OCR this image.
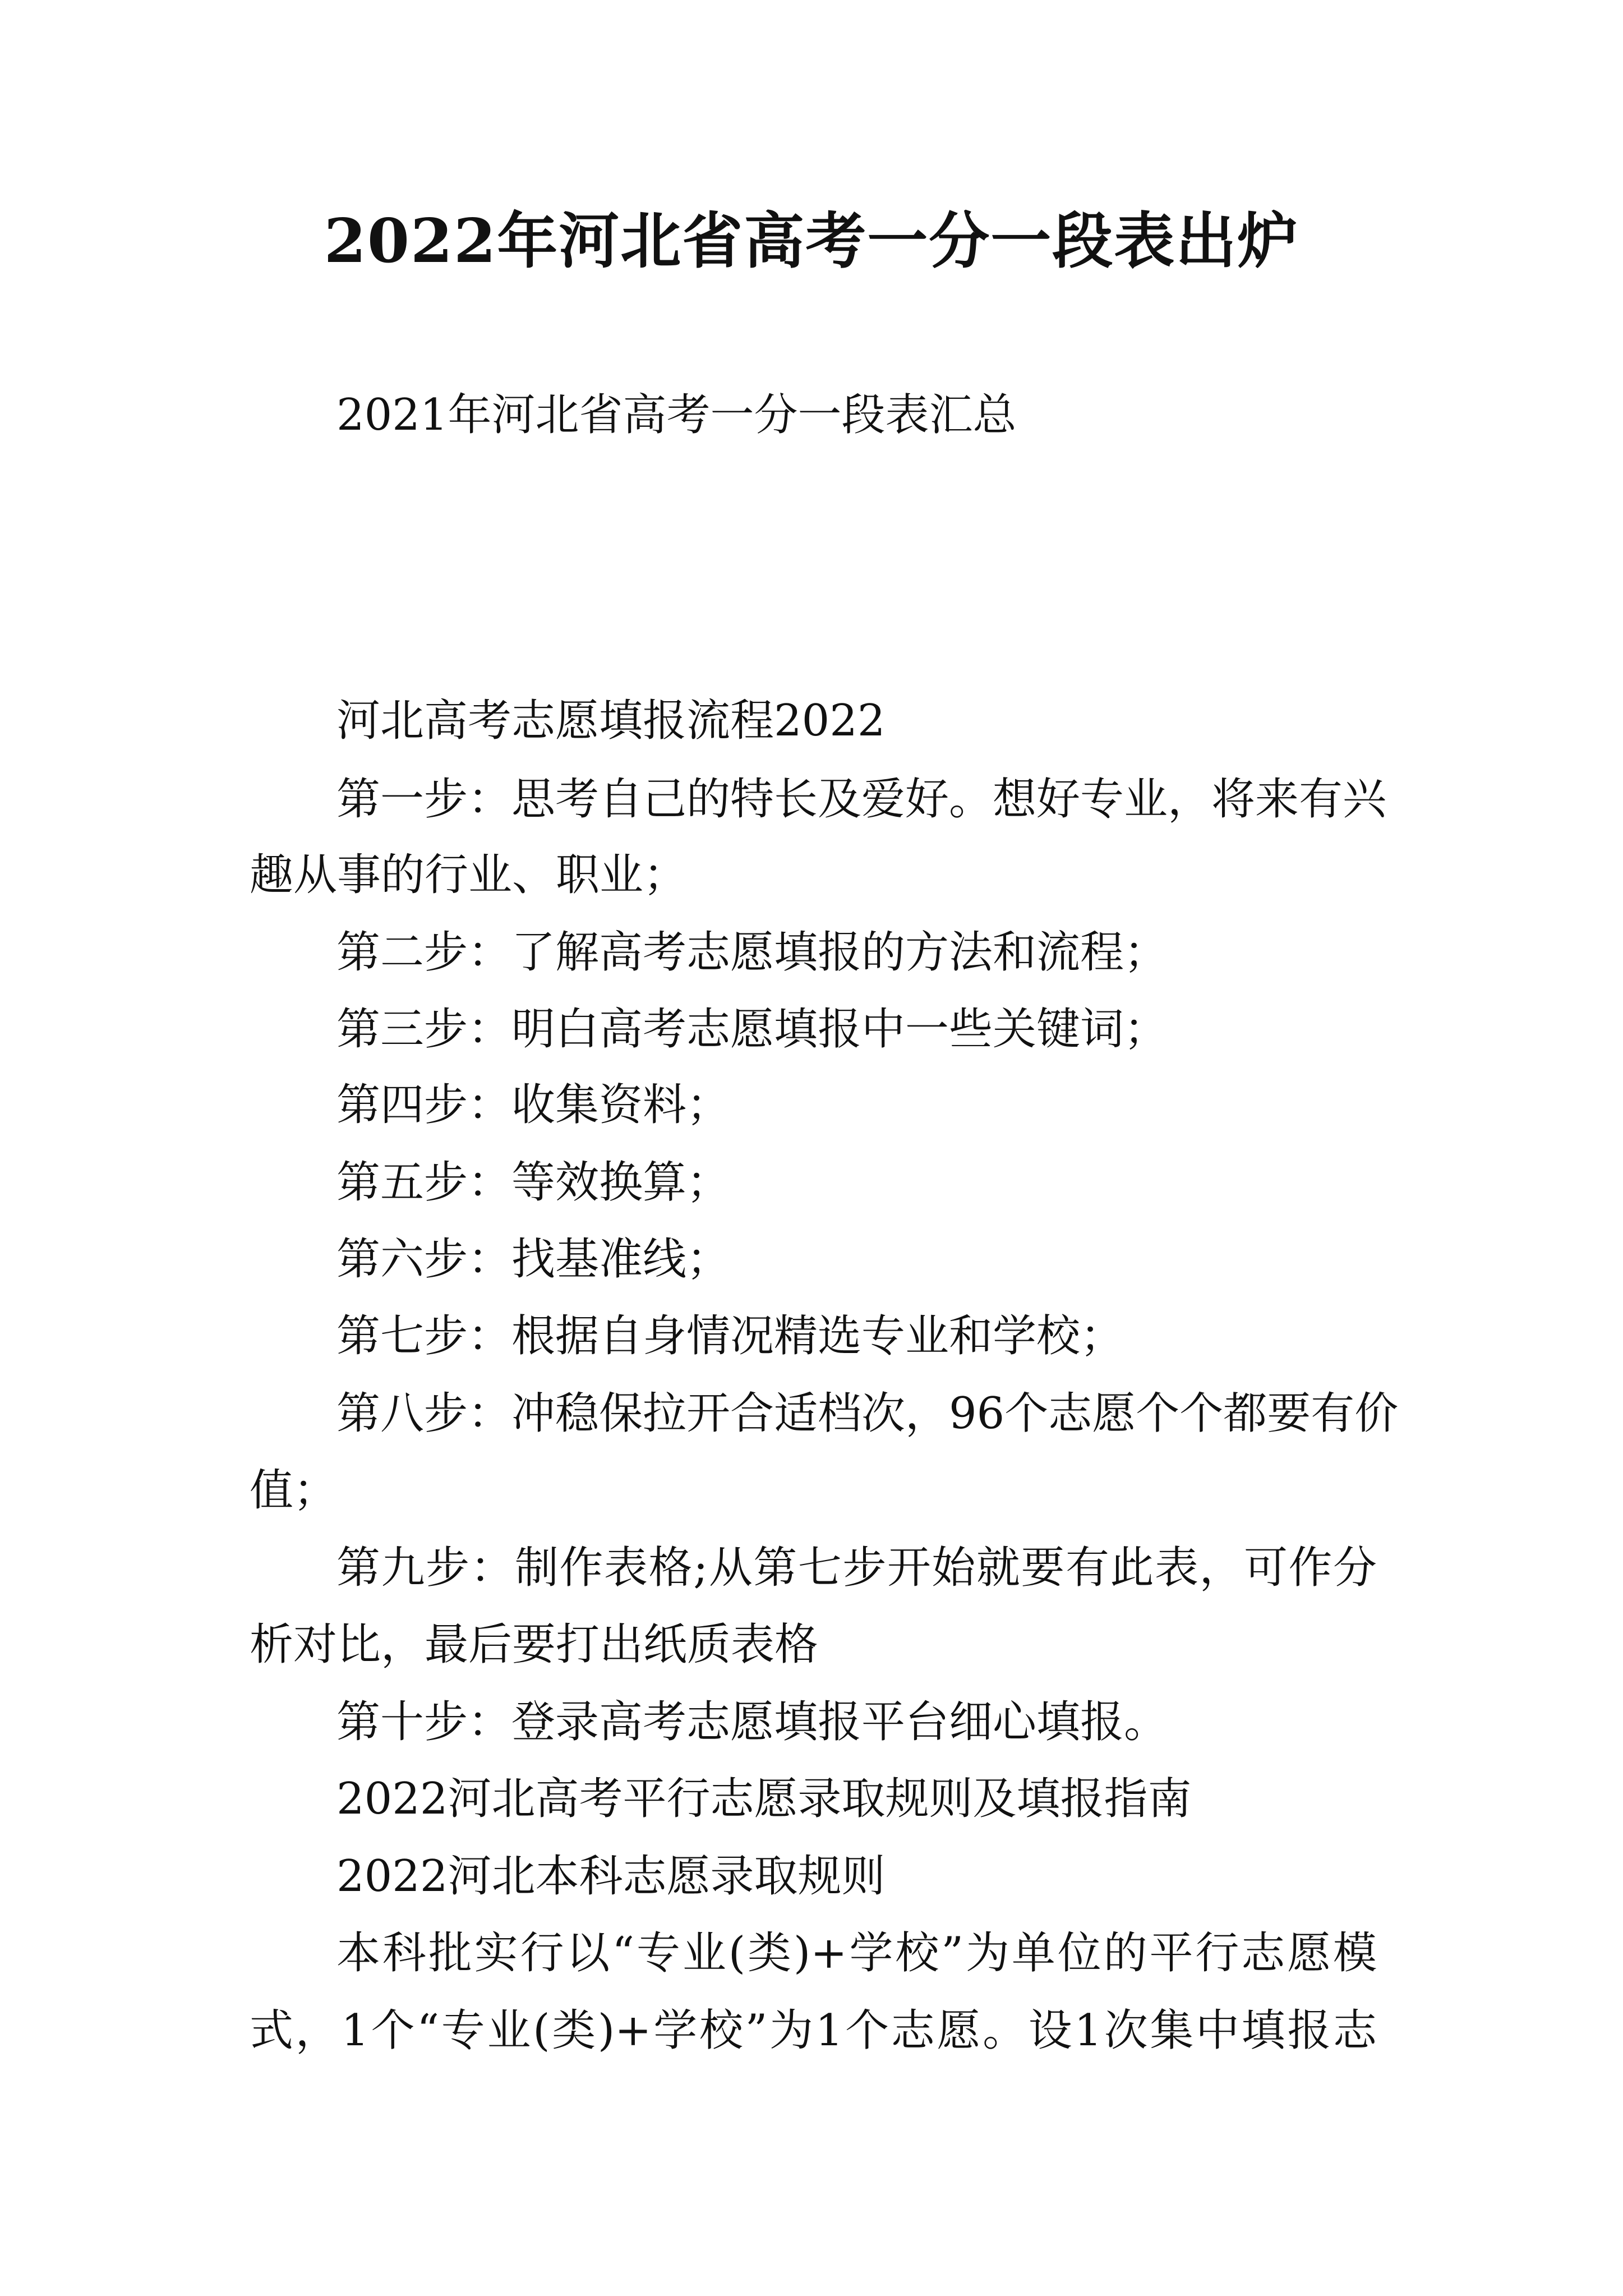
2022年河北省高考一分一段表出炉

2021年河北省高考一分一段表汇总

河北高考志愿填报流程2022

第一步：思考自己的特长及爱好。想好专业，将来有兴

趣从事的行业、职业；

第二步：了解高考志愿填报的方法和流程；

第三步：明白高考志愿填报中一些关键词；

第四步：收集资料；

第五步：等效换算；

第六步：找基准线；

第七步：根据自身情况精选专业和学校；

第八步：冲稳保拉开合适档次，96个志愿个个都要有价

值；

第九步：制作表格;从第七步开始就要有此表，可作分

析对比，最后要打出纸质表格

第十步：登录高考志愿填报平台细心填报。

2022河北高考平行志愿录取规则及填报指南

2022河北本科志愿录取规则

本科批实行以“专业(类)+学校”为单位的平行志愿模

式，1个“专业(类)+学校”为1个志愿。设1次集中填报志
